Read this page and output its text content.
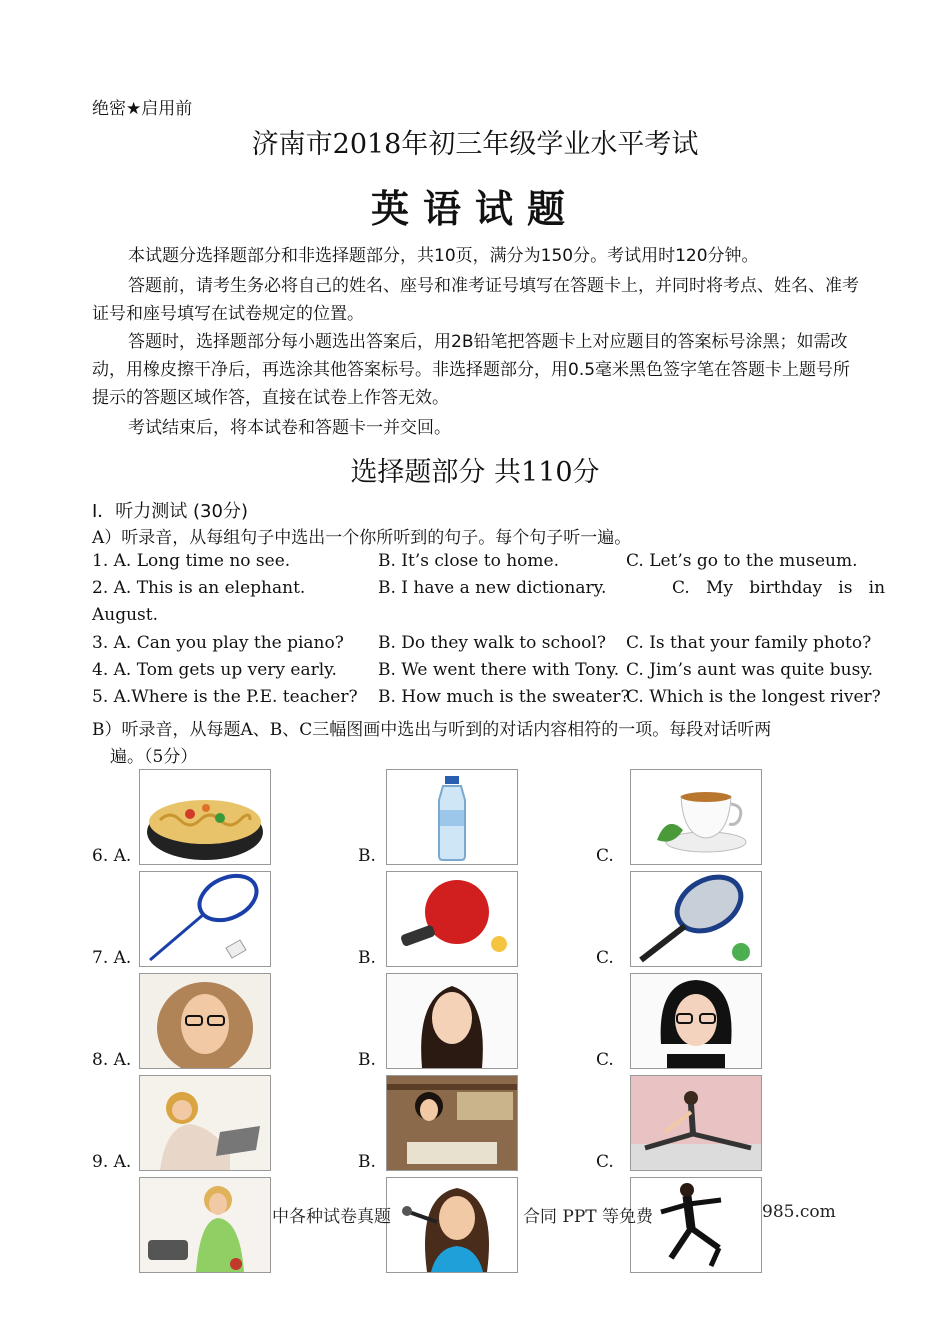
绝密★启用前
济南市2018年初三年级学业水平考试
英语试题
本试题分选择题部分和非选择题部分，共10页，满分为150分。考试用时120分钟。
答题前，请考生务必将自己的姓名、座号和准考证号填写在答题卡上，并同时将考点、姓名、准考证号和座号填写在试卷规定的位置。
答题时，选择题部分每小题选出答案后，用2B铅笔把答题卡上对应题目的答案标号涂黑；如需改动，用橡皮擦干净后，再选涂其他答案标号。非选择题部分，用0.5毫米黑色签字笔在答题卡上题号所提示的答题区域作答，直接在试卷上作答无效。
考试结束后，将本试卷和答题卡一并交回。
选择题部分 共110分
I．听力测试 (30分)
A）听录音，从每组句子中选出一个你所听到的句子。每个句子听一遍。
1. A. Long time no see.	B. It’s close to home.	C. Let’s go to the museum.
2. A. This is an elephant.	B. I have a new dictionary.	C.   My   birthday   is   in
August.
3. A. Can you play the piano? B. Do they walk to school? C. Is that your family photo?
4. A. Tom gets up very early. B. We went there with Tony. C. Jim’s aunt was quite busy.
5. A.Where is the P.E. teacher? B. How much is the sweater?
C. Which is the longest river?
B）听录音，从每题A、B、C三幅图画中选出与听到的对话内容相符的一项。每段对话听两
遍。（5分）
6. A.	B.	C.
7. A.	B.	C.
8. A.	B.	C.
9. A.	B.	C.
中各种试卷真题	合同 PPT 等免费	985.com
